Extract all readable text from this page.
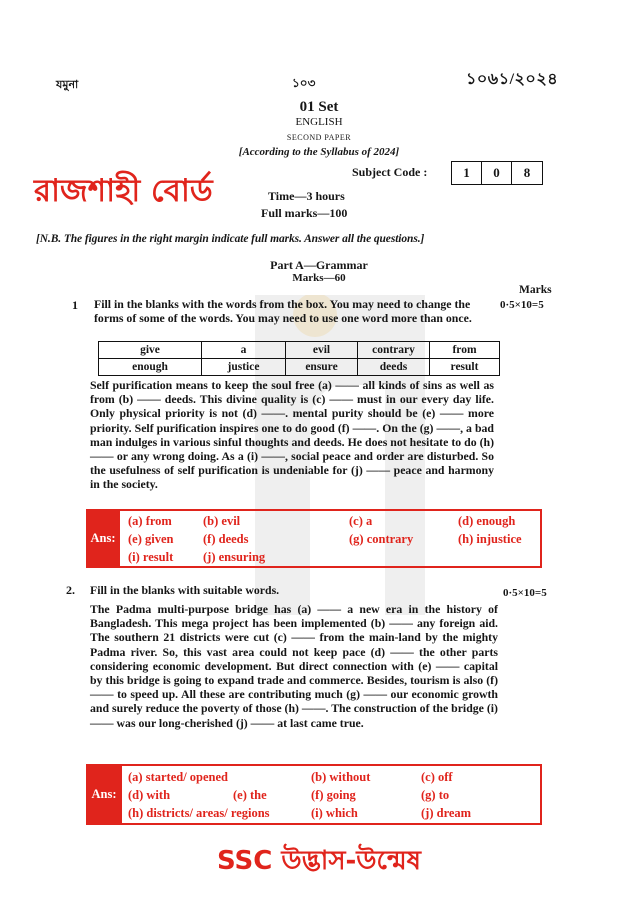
যমুনা	১০৩	১০৬১/২০২৪
01 Set
ENGLISH
SECOND PAPER
[According to the Syllabus of 2024]
রাজশাহী বোর্ড
Subject Code :	1	0	8
Time—3 hours
Full marks—100
[N.B. The figures in the right margin indicate full marks. Answer all the questions.]
Part A—Grammar
Marks—60
Marks
1 Fill in the blanks with the words from the box. You may need to change the forms of some of the words. You may need to use one word more than once.
0·5×10=5
give	a	evil	contrary	from
enough	justice	ensure	deeds	result
Self purification means to keep the soul free (a) —— all kinds of sins as well as from (b) —— deeds. This divine quality is (c) —— must in our every day life. Only physical priority is not (d) ——. mental purity should be (e) —— more priority. Self purification inspires one to do good (f) ——. On the (g) ——, a bad man indulges in various sinful thoughts and deeds. He does not hesitate to do (h) —— or any wrong doing. As a (i) ——, social peace and order are disturbed. So the usefulness of self purification is undeniable for (j) —— peace and harmony in the society.
Ans:
(a) from (b) evil	(c) a	(d) enough
(e) given (f) deeds	(g) contrary	(h) injustice
(i) result (j) ensuring
2. Fill in the blanks with suitable words.	0·5×10=5
The Padma multi-purpose bridge has (a) —— a new era in the history of Bangladesh. This mega project has been implemented (b) —— any foreign aid. The southern 21 districts were cut (c) —— from the main-land by the mighty Padma river. So, this vast area could not keep pace (d) —— the other parts considering economic development. But direct connection with (e) —— capital by this bridge is going to expand trade and commerce. Besides, tourism is also (f) —— to speed up. All these are contributing much (g) —— our economic growth and surely reduce the poverty of those (h) ——. The construction of the bridge (i) —— was our long-cherished (j) —— at last came true.
Ans:
(a) started/ opened	(b) without	(c) off
(d) with	(e) the	(f) going	(g) to
(h) districts/ areas/ regions	(i) which	(j) dream
SSC উদ্ভাস-উন্মেষ
